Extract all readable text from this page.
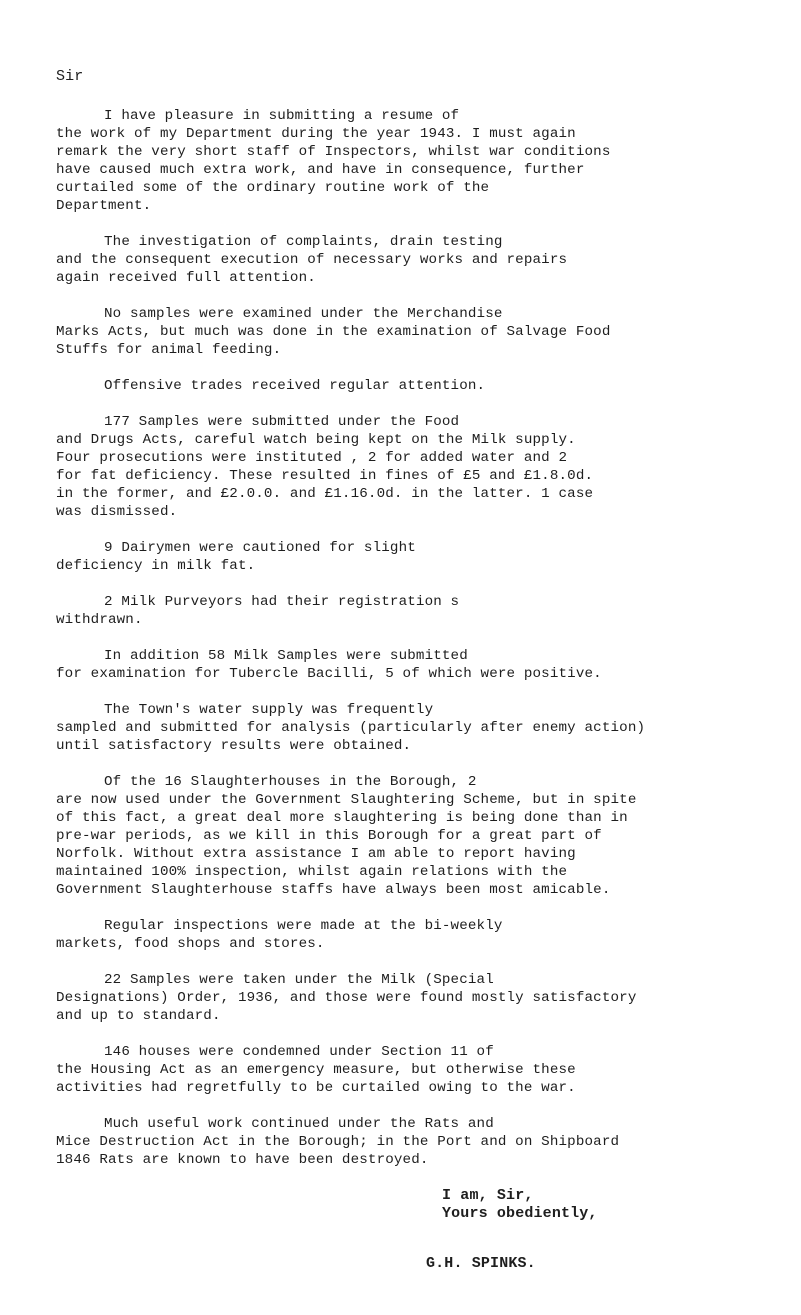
Sir
I have pleasure in submitting a resume of
the work of my Department during the year 1943. I must again
remark the very short staff of Inspectors, whilst war conditions
have caused much extra work, and have in consequence, further
curtailed some of the ordinary routine work of the
Department.
The investigation of complaints, drain testing
and the consequent execution of necessary works and repairs
again received full attention.
No samples were examined under the Merchandise
Marks Acts, but much was done in the examination of Salvage Food
Stuffs for animal feeding.
Offensive trades received regular attention.
177 Samples were submitted under the Food
and Drugs Acts, careful watch being kept on the Milk supply.
Four prosecutions were instituted , 2 for added water and 2
for fat deficiency. These resulted in fines of £5 and £1.8.0d.
in the former, and £2.0.0. and £1.16.0d. in the latter. 1 case
was dismissed.
9 Dairymen were cautioned for slight
deficiency in milk fat.
2 Milk Purveyors had their registration s
withdrawn.
In addition 58 Milk Samples were submitted
for examination for Tubercle Bacilli, 5 of which were positive.
The Town's water supply was frequently
sampled and submitted for analysis (particularly after enemy action)
until satisfactory results were obtained.
Of the 16 Slaughterhouses in the Borough, 2
are now used under the Government Slaughtering Scheme, but in spite
of this fact, a great deal more slaughtering is being done than in
pre-war periods, as we kill in this Borough for a great part of
Norfolk. Without extra assistance I am able to report having
maintained 100% inspection, whilst again relations with the
Government Slaughterhouse staffs have always been most amicable.
Regular inspections were made at the bi-weekly
markets, food shops and stores.
22 Samples were taken under the Milk (Special
Designations) Order, 1936, and those were found mostly satisfactory
and up to standard.
146 houses were condemned under Section 11 of
the Housing Act as an emergency measure, but otherwise these
activities had regretfully to be curtailed owing to the war.
Much useful work continued under the Rats and
Mice Destruction Act in the Borough; in the Port and on Shipboard
1846 Rats are known to have been destroyed.
I am, Sir,
Yours obediently,
G.H. SPINKS.
